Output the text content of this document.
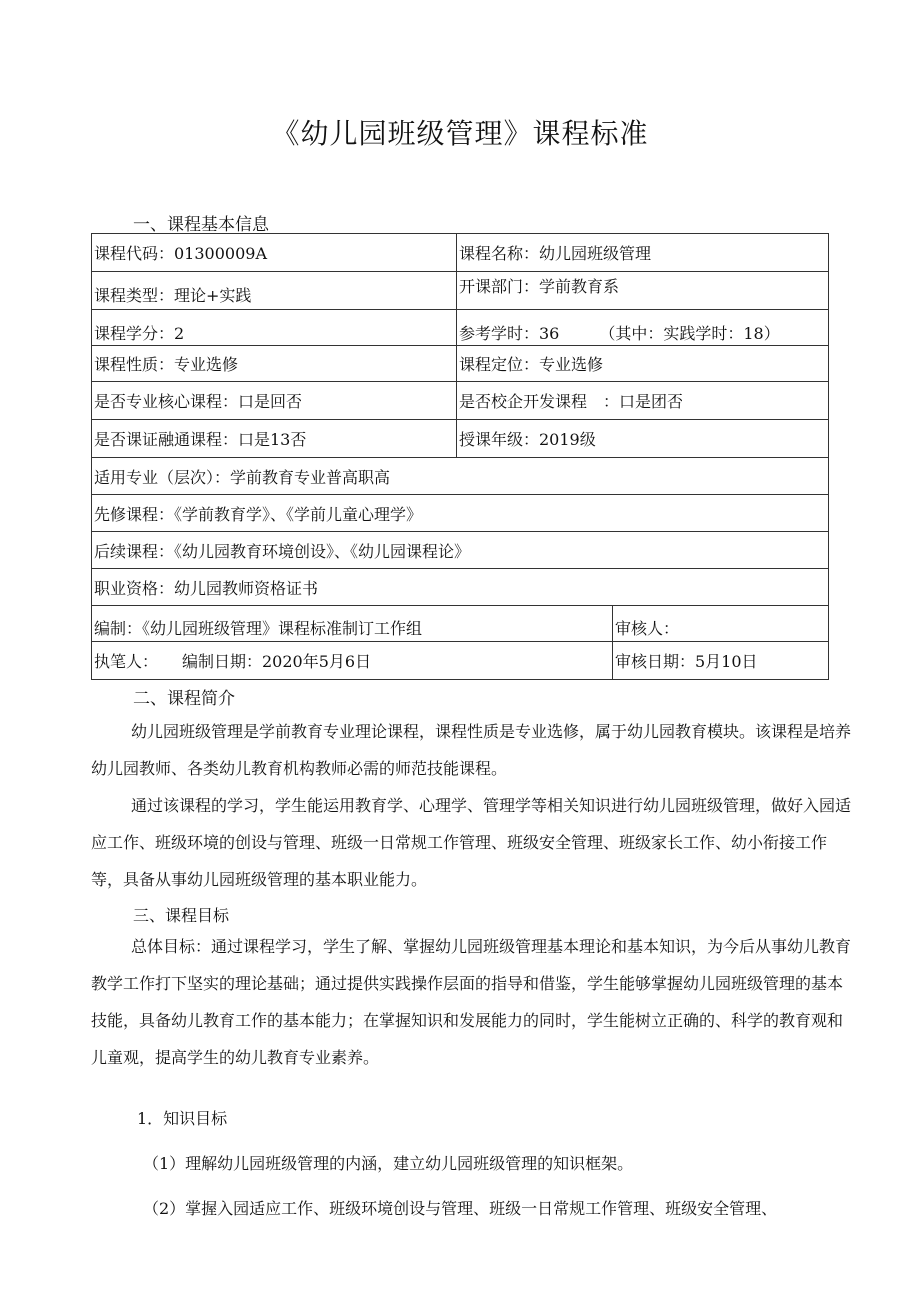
《幼儿园班级管理》课程标准
一、课程基本信息
课程代码：01300009A	课程名称：幼儿园班级管理	
课程类型：理论+实践	开课部门：学前教育系	
课程学分：2	参考学时：36　　　（其中：实践学时：18）	
课程性质：专业选修	课程定位：专业选修	
是否专业核心课程：口是回否	是否校企开发课程　：口是团否	
是否课证融通课程：口是13否	授课年级：2019级	
适用专业（层次）：学前教育专业普高职高		
先修课程：《学前教育学》、《学前儿童心理学》		
后续课程：《幼儿园教育环境创设》、《幼儿园课程论》		
职业资格：幼儿园教师资格证书		
编制：《幼儿园班级管理》课程标准制订工作组		审核人：
执笔人：　　编制日期：2020年5月6日		审核日期：5月10日
二、课程简介
幼儿园班级管理是学前教育专业理论课程，课程性质是专业选修，属于幼儿园教育模块。该课程是培养幼儿园教师、各类幼儿教育机构教师必需的师范技能课程。
通过该课程的学习，学生能运用教育学、心理学、管理学等相关知识进行幼儿园班级管理，做好入园适应工作、班级环境的创设与管理、班级一日常规工作管理、班级安全管理、班级家长工作、幼小衔接工作等，具备从事幼儿园班级管理的基本职业能力。
三、课程目标
总体目标：通过课程学习，学生了解、掌握幼儿园班级管理基本理论和基本知识，为今后从事幼儿教育教学工作打下坚实的理论基础；通过提供实践操作层面的指导和借鉴，学生能够掌握幼儿园班级管理的基本技能，具备幼儿教育工作的基本能力；在掌握知识和发展能力的同时，学生能树立正确的、科学的教育观和儿童观，提高学生的幼儿教育专业素养。
1．知识目标
（1）理解幼儿园班级管理的内涵，建立幼儿园班级管理的知识框架。
（2）掌握入园适应工作、班级环境创设与管理、班级一日常规工作管理、班级安全管理、
